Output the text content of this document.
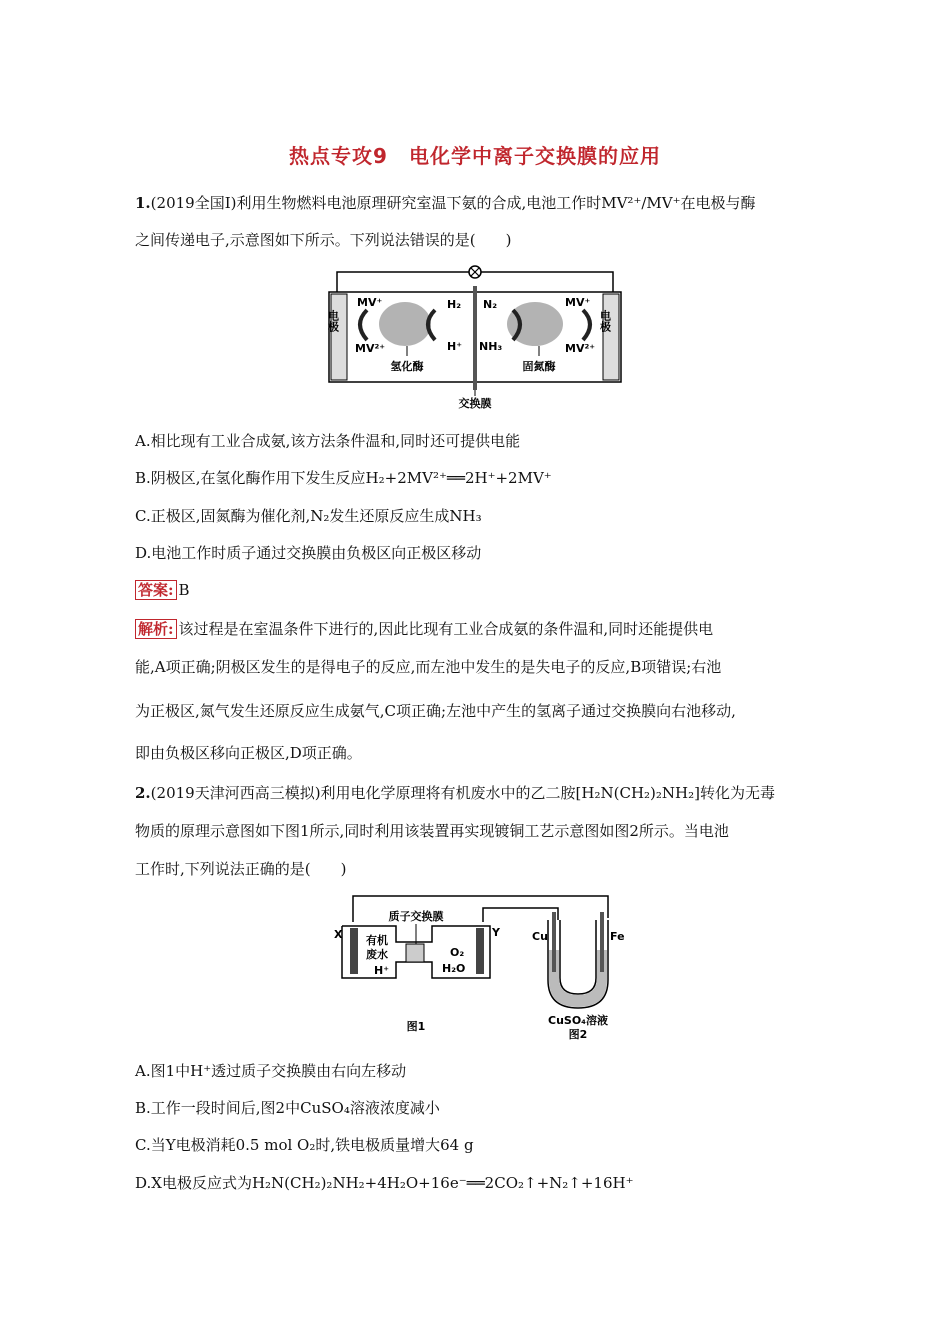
热点专攻9　电化学中离子交换膜的应用
1.(2019全国Ⅰ)利用生物燃料电池原理研究室温下氨的合成,电池工作时MV²⁺/MV⁺在电极与酶
之间传递电子,示意图如下所示。下列说法错误的是(　　)
电极	电极
交换膜
MV⁺
MV²⁺
H₂
H⁺
N₂
NH₃
MV⁺
MV²⁺
氢化酶	固氮酶
A.相比现有工业合成氨,该方法条件温和,同时还可提供电能
B.阴极区,在氢化酶作用下发生反应H₂+2MV²⁺══2H⁺+2MV⁺
C.正极区,固氮酶为催化剂,N₂发生还原反应生成NH₃
D.电池工作时质子通过交换膜由负极区向正极区移动
答案: B
解析: 该过程是在室温条件下进行的,因此比现有工业合成氨的条件温和,同时还能提供电
能,A项正确;阴极区发生的是得电子的反应,而左池中发生的是失电子的反应,B项错误;右池
为正极区,氮气发生还原反应生成氨气,C项正确;左池中产生的氢离子通过交换膜向右池移动,
即由负极区移向正极区,D项正确。
2.(2019天津河西高三模拟)利用电化学原理将有机废水中的乙二胺[H₂N(CH₂)₂NH₂]转化为无毒
物质的原理示意图如下图1所示,同时利用该装置再实现镀铜工艺示意图如图2所示。当电池
工作时,下列说法正确的是(　　)
质子交换膜
X	Y
有机
废水
H⁺
O₂
H₂O
Cu	Fe
CuSO₄溶液
图1
图2
A.图1中H⁺透过质子交换膜由右向左移动
B.工作一段时间后,图2中CuSO₄溶液浓度减小
C.当Y电极消耗0.5 mol O₂时,铁电极质量增大64 g
D.X电极反应式为H₂N(CH₂)₂NH₂+4H₂O+16e⁻══2CO₂↑+N₂↑+16H⁺
